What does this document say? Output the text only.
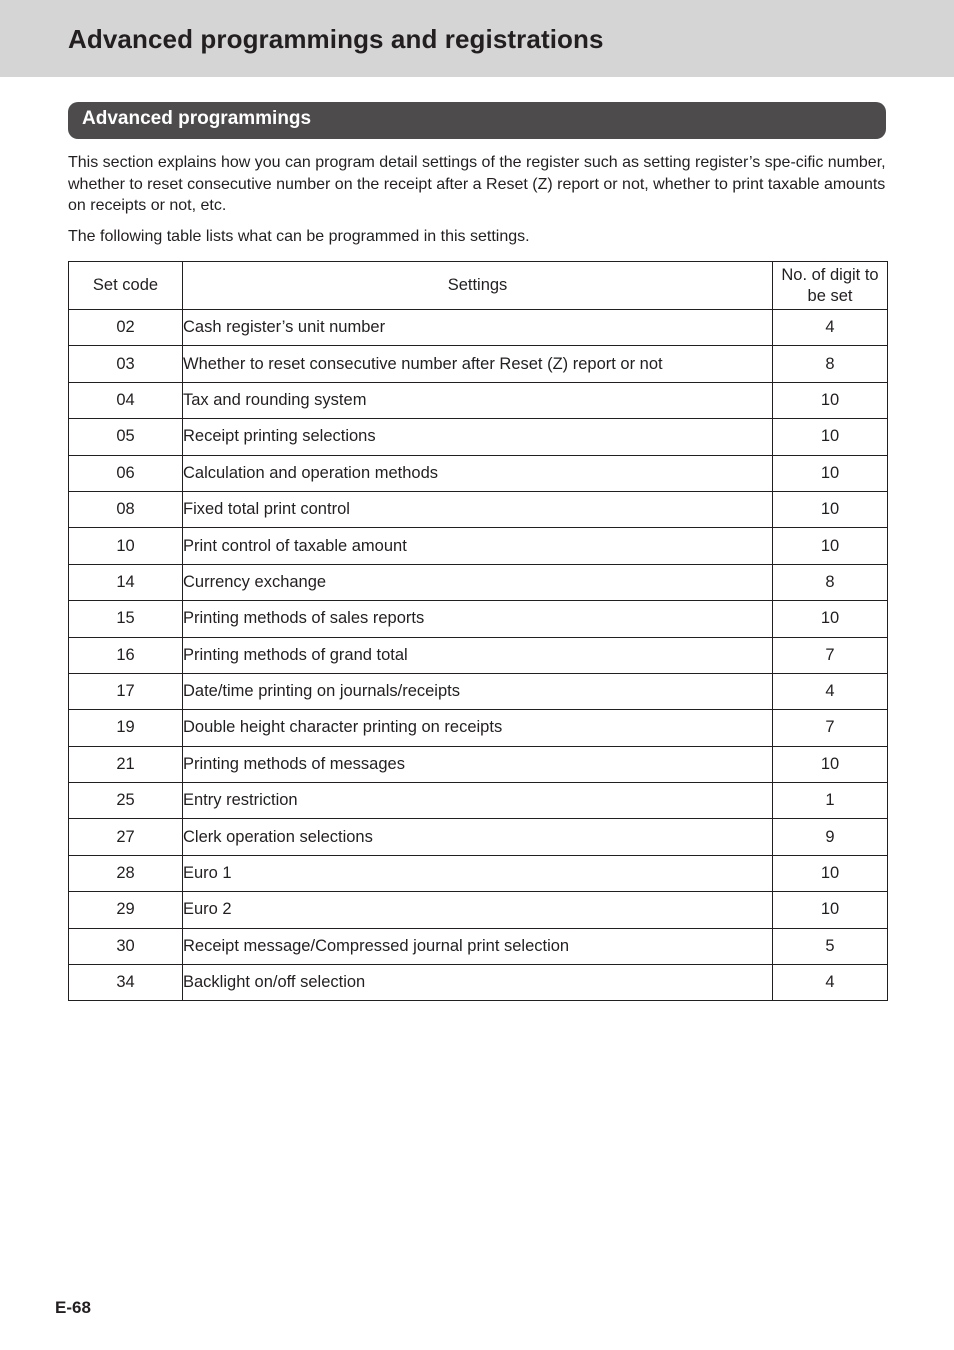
Advanced programmings and registrations
Advanced programmings

This section explains how you can program detail settings of the register such as setting register’s spe-cific number, whether to reset consecutive number on the receipt after a Reset (Z) report or not, whether to print taxable amounts on receipts or not, etc.

The following table lists what can be programmed in this settings.

Set code	Settings	No. of digit to be set
02	Cash register’s unit number	4
03	Whether to reset consecutive number after Reset (Z) report or not	8
04	Tax and rounding system	10
05	Receipt printing selections	10
06	Calculation and operation methods	10
08	Fixed total print control	10
10	Print control of taxable amount	10
14	Currency exchange	8
15	Printing methods of sales reports	10
16	Printing methods of grand total	7
17	Date/time printing on journals/receipts	4
19	Double height character printing on receipts	7
21	Printing methods of messages	10
25	Entry restriction	1
27	Clerk operation selections	9
28	Euro 1	10
29	Euro 2	10
30	Receipt message/Compressed journal print selection	5
34	Backlight on/off selection	4
E-68
